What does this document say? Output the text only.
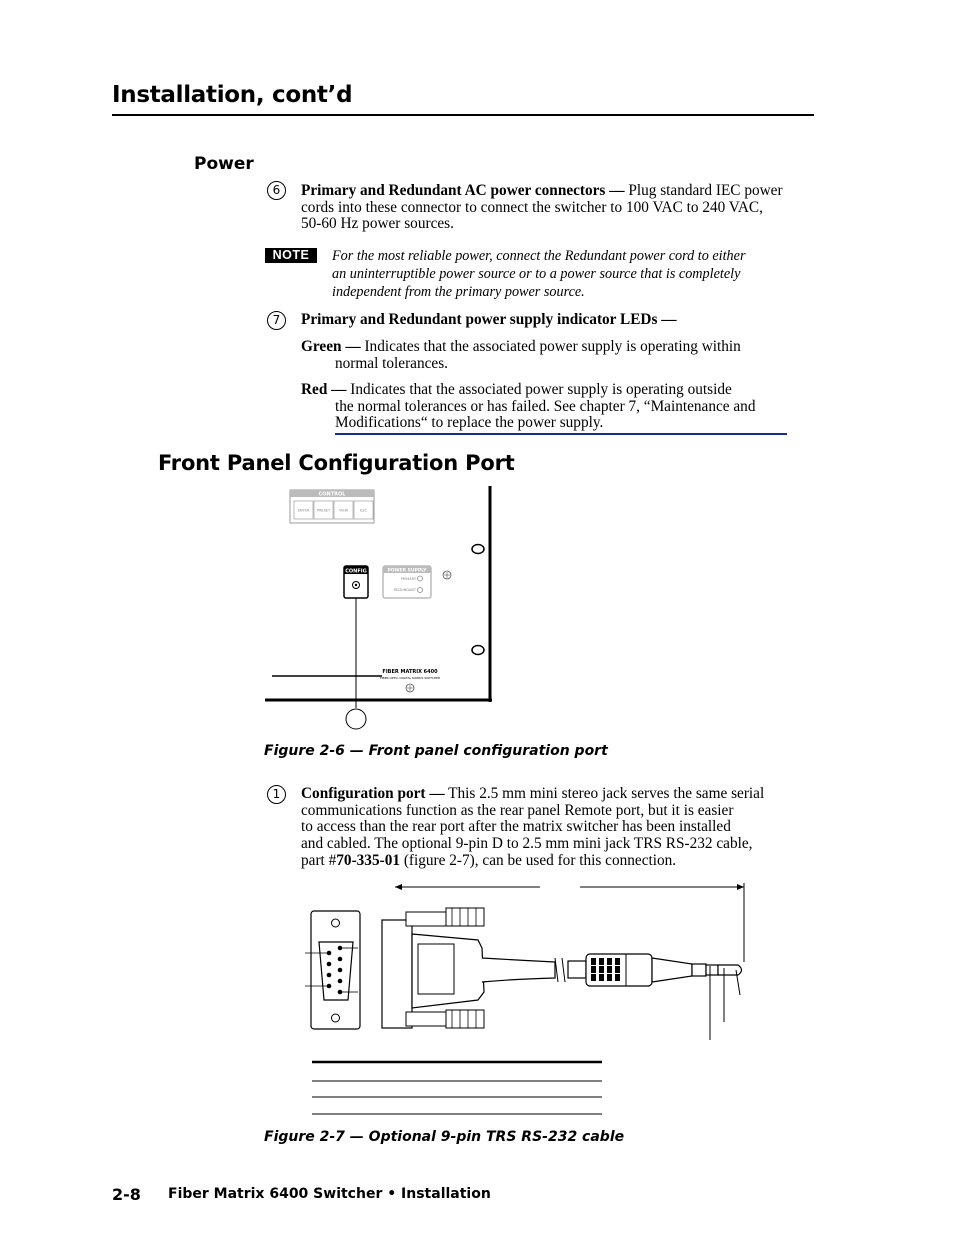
Installation, cont’d
Power
6	Primary and Redundant AC power connectors — Plug standard IEC power
cords into these connector to connect the switcher to 100 VAC to 240 VAC,
50-60 Hz power sources.
NOTE	For the most reliable power, connect the Redundant power cord to either
an uninterruptible power source or to a power source that is completely
independent from the primary power source.
7	Primary and Redundant power supply indicator LEDs —
Green — Indicates that the associated power supply is operating within
normal tolerances.
Red — Indicates that the associated power supply is operating outside
the normal tolerances or has failed. See chapter 7, “Maintenance and
Modifications“ to replace the power supply.
Front Panel Configuration Port
CONTROL
ENTER PRESET	VIEW	ESC
CONFIG	POWER SUPPLY
PRIMARY
REDUNDANT
FIBER MATRIX 6400
FIBER OPTIC DIGITAL MATRIX SWITCHER
Figure 2-6 — Front panel configuration port
1	Configuration port — This 2.5 mm mini stereo jack serves the same serial
communications function as the rear panel Remote port, but it is easier
to access than the rear port after the matrix switcher has been installed
and cabled. The optional 9-pin D to 2.5 mm mini jack TRS RS-232 cable,
part #70-335-01 (figure 2-7), can be used for this connection.
Figure 2-7 — Optional 9-pin TRS RS-232 cable
2-8 Fiber Matrix 6400 Switcher • Installation
